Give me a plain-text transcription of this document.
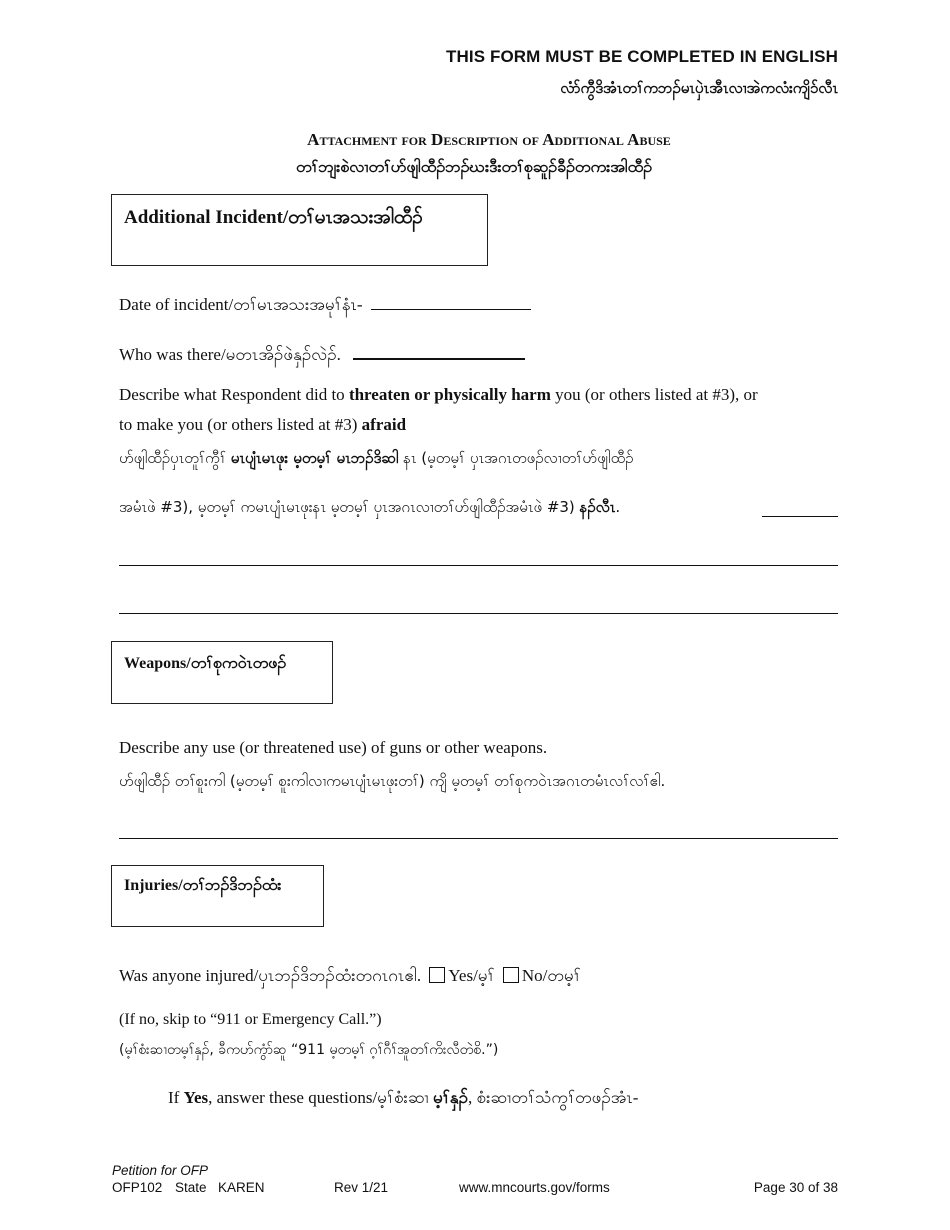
THIS FORM MUST BE COMPLETED IN ENGLISH
လံာ်ကွီဒိအံၤတၢ်ကဘၣ်မၤပှဲၤအီၤလၢအဲကလံးကျိၥ်လီၤ
Attachment for Description of Additional Abuse
တၢ်ဘျးစဲလၢတၢ်ဟ်ဖျါထီၣ်ဘၣ်ဃးဒီးတၢ်စုဆူၣ်ခီၣ်တကးအါထီၣ်
Additional Incident/တၢ်မၤအသးအါထီၣ်
Date of incident/တၢ်မၤအသးအမုၢ်နံၤ-
Who was there/မတၤအိၣ်ဖဲနှၣ်လဲၣ်.
Describe what Respondent did to threaten or physically harm you (or others listed at #3), or
to make you (or others listed at #3) afraid
ဟ်ဖျါထီၣ်ပှၤတူၢ်ကွီၢ် မၤပျံၤမၤဖုး မ့တမ့ၢ် မၤဘၣ်ဒိဆါ နၤ (မ့တမ့ၢ် ပှၤအဂၤတဖၣ်လၢတၢ်ဟ်ဖျါထီၣ်
အမံၤဖဲ #3), မ့တမ့ၢ် ကမၤပျံၤမၤဖုးနၤ မ့တမ့ၢ် ပှၤအဂၤလၢတၢ်ဟ်ဖျါထီၣ်အမံၤဖဲ #3) နၣ်လီၤ.
Weapons/တၢ်စုကဝဲၤတဖၣ်
Describe any use (or threatened use) of guns or other weapons.
ဟ်ဖျါထီၣ် တၢ်စူးကါ (မ့တမ့ၢ် စူးကါလၢကမၤပျံၤမၤဖုးတၢ်) ကျိ မ့တမ့ၢ် တၢ်စုကဝဲၤအဂၤတမံၤလၢ်လၢ်ဧါ.
Injuries/တၢ်ဘၣ်ဒိဘၣ်ထံး
Was anyone injured/ပှၤဘၣ်ဒိဘၣ်ထံးတဂၤဂၤဧါ. Yes/မ့ၢ် No/တမ့ၢ်
(If no, skip to “911 or Emergency Call.”)
(မ့ၢ်စံးဆၢတမ့ၢ်နှၣ်, ခီကဟ်ကွံာ်ဆူ “911 မ့တမ့ၢ် ဂ့ၢ်ဂီၢ်အူတၢ်ကိးလီတဲစိ.”)
If Yes, answer these questions/မ့ၢ်စံးဆၢ မ့ၢ်နှၣ်, စံးဆၢတၢ်သံကွၢ်တဖၣ်အံၤ-
Petition for OFP
OFP102 State KAREN	Rev 1/21	www.mncourts.gov/forms	Page 30 of 38
